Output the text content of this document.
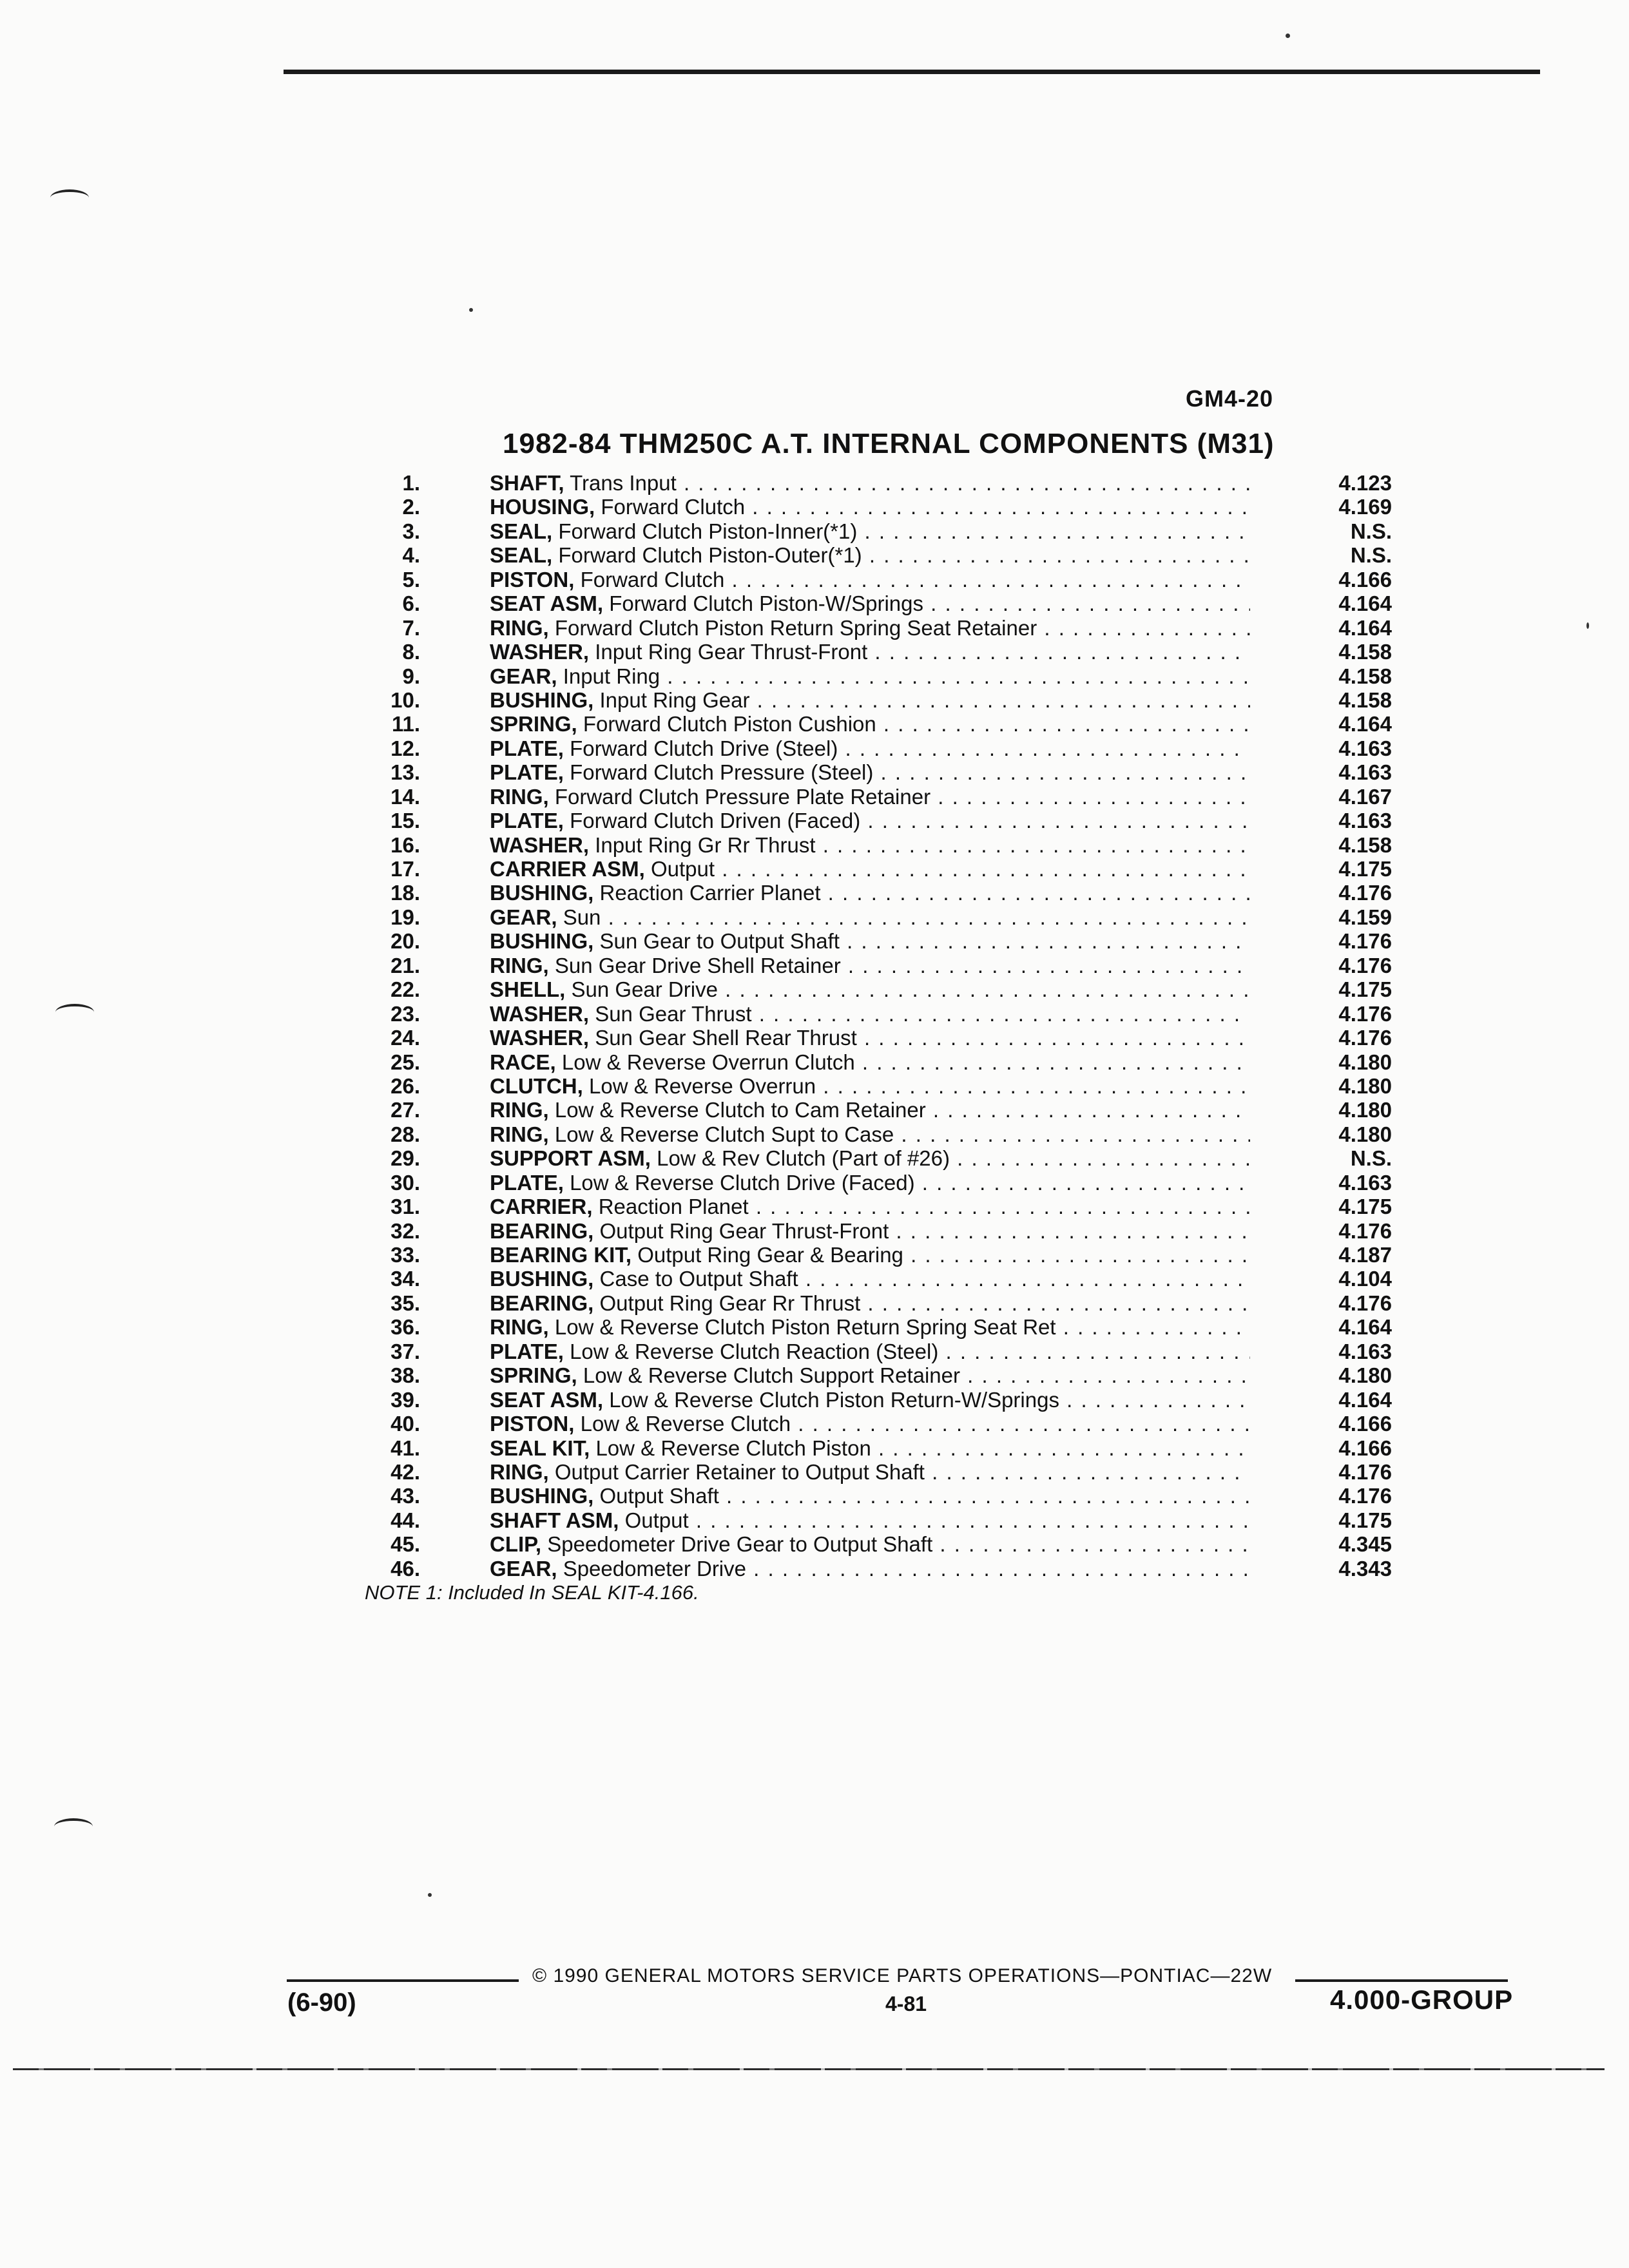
GM4-20
1982-84 THM250C A.T. INTERNAL COMPONENTS (M31)
1.	SHAFT, Trans Input . . .	4.123
2.	HOUSING, Forward Clutch . . .	4.169
3.	SEAL, Forward Clutch Piston-Inner(*1) . . .	N.S.
4.	SEAL, Forward Clutch Piston-Outer(*1) . . .	N.S.
5.	PISTON, Forward Clutch . . .	4.166
6.	SEAT ASM, Forward Clutch Piston-W/Springs . . .	4.164
7.	RING, Forward Clutch Piston Return Spring Seat Retainer . . .	4.164
8.	WASHER, Input Ring Gear Thrust-Front . . .	4.158
9.	GEAR, Input Ring . . .	4.158
10.	BUSHING, Input Ring Gear . . .	4.158
11.	SPRING, Forward Clutch Piston Cushion . . .	4.164
12.	PLATE, Forward Clutch Drive (Steel) . . .	4.163
13.	PLATE, Forward Clutch Pressure (Steel) . . .	4.163
14.	RING, Forward Clutch Pressure Plate Retainer . . .	4.167
15.	PLATE, Forward Clutch Driven (Faced) . . .	4.163
16.	WASHER, Input Ring Gr Rr Thrust . . .	4.158
17.	CARRIER ASM, Output . . .	4.175
18.	BUSHING, Reaction Carrier Planet . . .	4.176
19.	GEAR, Sun . . .	4.159
20.	BUSHING, Sun Gear to Output Shaft . . .	4.176
21.	RING, Sun Gear Drive Shell Retainer . . .	4.176
22.	SHELL, Sun Gear Drive . . .	4.175
23.	WASHER, Sun Gear Thrust . . .	4.176
24.	WASHER, Sun Gear Shell Rear Thrust . . .	4.176
25.	RACE, Low & Reverse Overrun Clutch . . .	4.180
26.	CLUTCH, Low & Reverse Overrun . . .	4.180
27.	RING, Low & Reverse Clutch to Cam Retainer . . .	4.180
28.	RING, Low & Reverse Clutch Supt to Case . . .	4.180
29.	SUPPORT ASM, Low & Rev Clutch (Part of #26) . . .	N.S.
30.	PLATE, Low & Reverse Clutch Drive (Faced) . . .	4.163
31.	CARRIER, Reaction Planet . . .	4.175
32.	BEARING, Output Ring Gear Thrust-Front . . .	4.176
33.	BEARING KIT, Output Ring Gear & Bearing . . .	4.187
34.	BUSHING, Case to Output Shaft . . .	4.104
35.	BEARING, Output Ring Gear Rr Thrust . . .	4.176
36.	RING, Low & Reverse Clutch Piston Return Spring Seat Ret . . .	4.164
37.	PLATE, Low & Reverse Clutch Reaction (Steel) . . .	4.163
38.	SPRING, Low & Reverse Clutch Support Retainer . . .	4.180
39.	SEAT ASM, Low & Reverse Clutch Piston Return-W/Springs . . .	4.164
40.	PISTON, Low & Reverse Clutch . . .	4.166
41.	SEAL KIT, Low & Reverse Clutch Piston . . .	4.166
42.	RING, Output Carrier Retainer to Output Shaft . . .	4.176
43.	BUSHING, Output Shaft . . .	4.176
44.	SHAFT ASM, Output . . .	4.175
45.	CLIP, Speedometer Drive Gear to Output Shaft . . .	4.345
46.	GEAR, Speedometer Drive . . .	4.343
NOTE 1: Included In SEAL KIT-4.166.
© 1990 GENERAL MOTORS SERVICE PARTS OPERATIONS—PONTIAC—22W
(6-90)	4-81	4.000-GROUP
